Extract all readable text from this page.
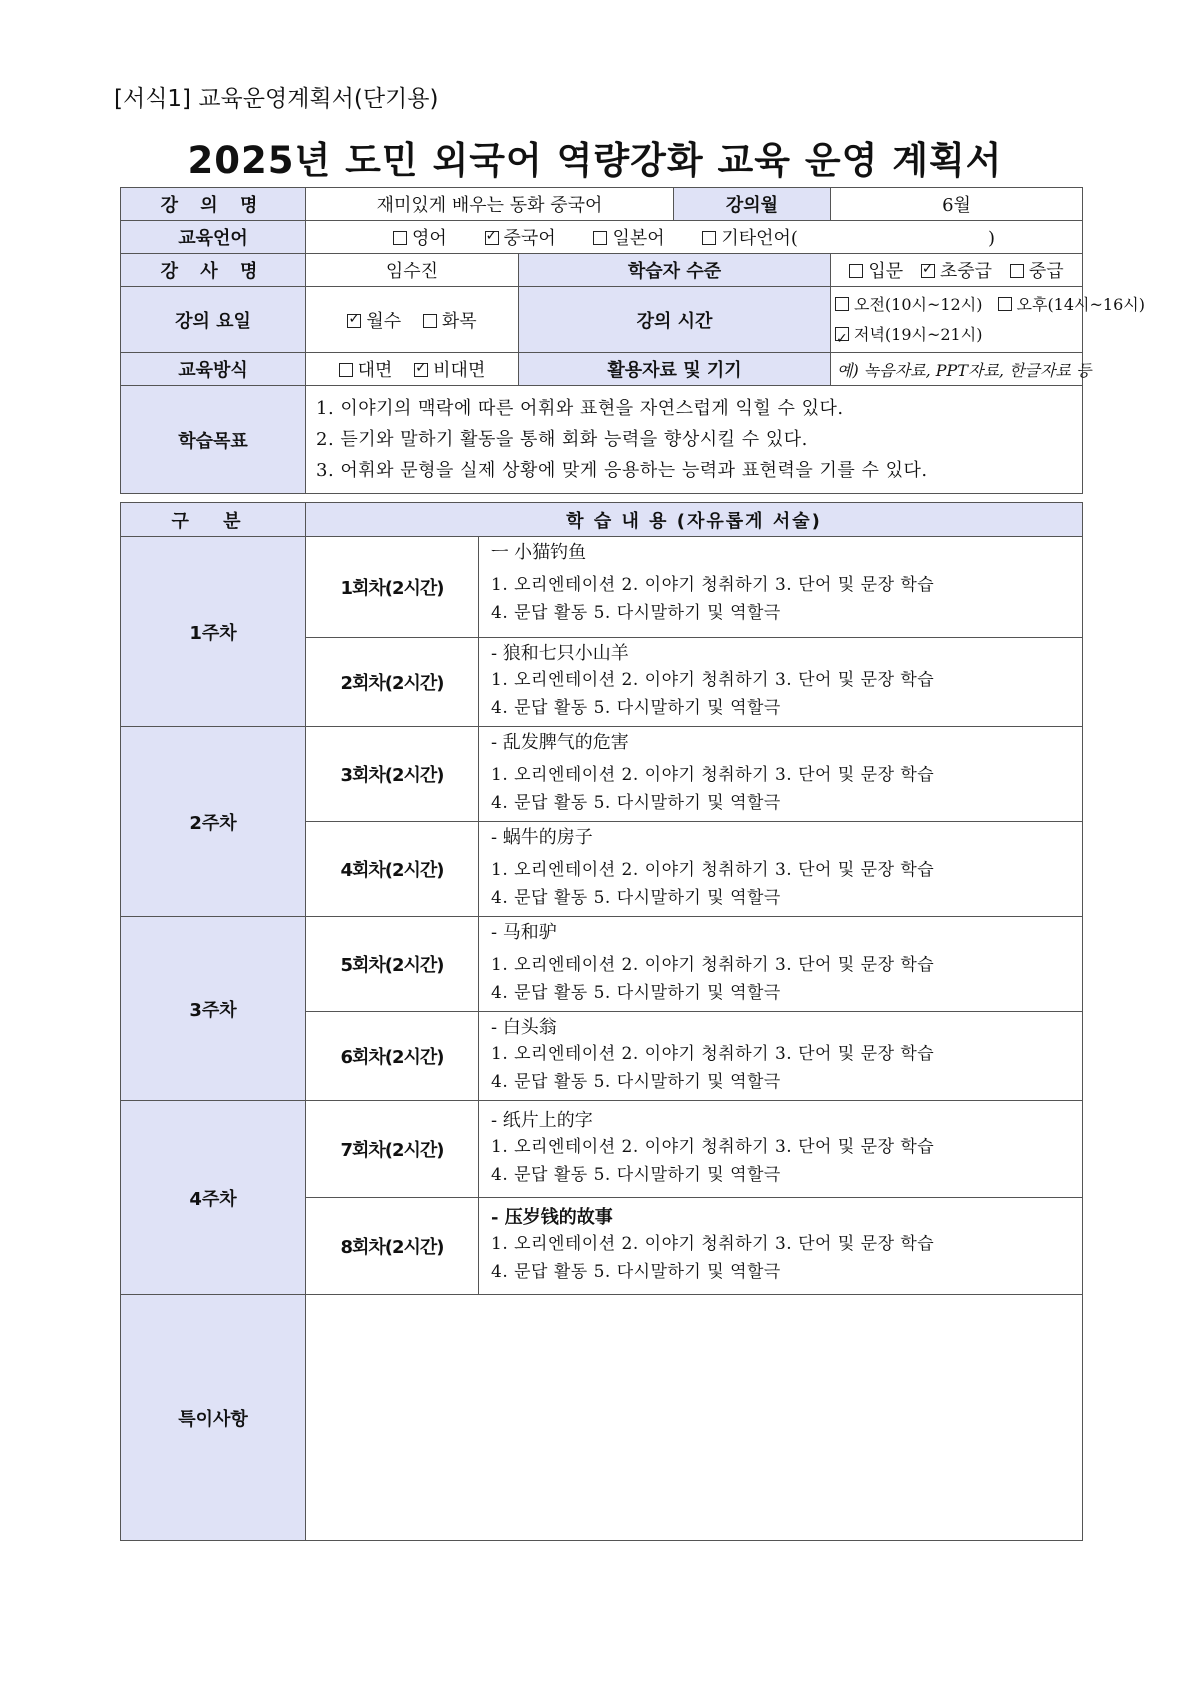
[서식1] 교육운영계획서(단기용)
2025년 도민 외국어 역량강화 교육 운영 계획서
강 의 명	재미있게 배우는 동화 중국어		강의월	6월
교육언어	영어 ✓ 중국어 일본어 기타언어( )
강 사 명	임수진	학습자 수준		입문 ✓ 초중급 중급
강의 요일	✓월수 화목	강의 시간		오전(10시~12시) 오후(14시~16시)
✓저녁(19시~21시)
교육방식	대면 ✓ 비대면	활용자료 및 기기		예) 녹음자료, PPT자료, 한글자료 등
학습목표	1. 이야기의 맥락에 따른 어휘와 표현을 자연스럽게 익힐 수 있다.
2. 듣기와 말하기 활동을 통해 회화 능력을 향상시킬 수 있다.
3. 어휘와 문형을 실제 상황에 맞게 응용하는 능력과 표현력을 기를 수 있다.			
구 분	학 습 내 용 (자유롭게 서술)	
1주차	1회차(2시간)	ㅡ 小猫钓鱼
1. 오리엔테이션 2. 이야기 청취하기 3. 단어 및 문장 학습
4. 문답 활동 5. 다시말하기 및 역할극

	2회차(2시간)	- 狼和七只小山羊
1. 오리엔테이션 2. 이야기 청취하기 3. 단어 및 문장 학습
4. 문답 활동 5. 다시말하기 및 역할극

2주차	3회차(2시간)	- 乱发脾气的危害
1. 오리엔테이션 2. 이야기 청취하기 3. 단어 및 문장 학습
4. 문답 활동 5. 다시말하기 및 역할극

	4회차(2시간)	- 蜗牛的房子
1. 오리엔테이션 2. 이야기 청취하기 3. 단어 및 문장 학습
4. 문답 활동 5. 다시말하기 및 역할극

3주차	5회차(2시간)	- 马和驴
1. 오리엔테이션 2. 이야기 청취하기 3. 단어 및 문장 학습
4. 문답 활동 5. 다시말하기 및 역할극

	6회차(2시간)	- 白头翁
1. 오리엔테이션 2. 이야기 청취하기 3. 단어 및 문장 학습
4. 문답 활동 5. 다시말하기 및 역할극

4주차	7회차(2시간)	- 纸片上的字
1. 오리엔테이션 2. 이야기 청취하기 3. 단어 및 문장 학습
4. 문답 활동 5. 다시말하기 및 역할극

	8회차(2시간)	- 压岁钱的故事
1. 오리엔테이션 2. 이야기 청취하기 3. 단어 및 문장 학습
4. 문답 활동 5. 다시말하기 및 역할극

특이사항		
